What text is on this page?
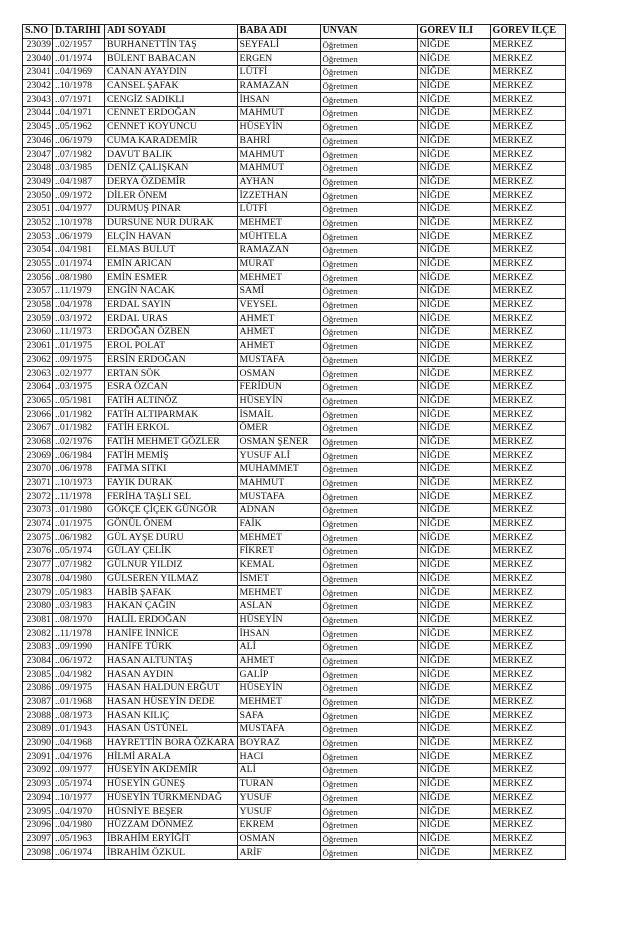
S.NO	D.TARİHİ	ADI SOYADI	BABA ADI	UNVAN	GÖREV İLİ	GÖREV İLÇE
23039	..02/1957	BURHANETTİN TAŞ	SEYFALİ	Öğretmen	NİĞDE	MERKEZ
23040	..01/1974	BÜLENT BABACAN	ERGEN	Öğretmen	NİĞDE	MERKEZ
23041	..04/1969	CANAN AYAYDIN	LÜTFİ	Öğretmen	NİĞDE	MERKEZ
23042	..10/1978	CANSEL ŞAFAK	RAMAZAN	Öğretmen	NİĞDE	MERKEZ
23043	..07/1971	CENGİZ SADIKLI	İHSAN	Öğretmen	NİĞDE	MERKEZ
23044	..04/1971	CENNET ERDOĞAN	MAHMUT	Öğretmen	NİĞDE	MERKEZ
23045	..05/1962	CENNET KOYUNCU	HÜSEYİN	Öğretmen	NİĞDE	MERKEZ
23046	..06/1979	CUMA KARADEMİR	BAHRİ	Öğretmen	NİĞDE	MERKEZ
23047	..07/1982	DAVUT BALIK	MAHMUT	Öğretmen	NİĞDE	MERKEZ
23048	..03/1985	DENİZ ÇALIŞKAN	MAHMUT	Öğretmen	NİĞDE	MERKEZ
23049	..04/1987	DERYA ÖZDEMİR	AYHAN	Öğretmen	NİĞDE	MERKEZ
23050	..09/1972	DİLER ÖNEM	İZZETHAN	Öğretmen	NİĞDE	MERKEZ
23051	..04/1977	DURMUŞ PINAR	LÜTFİ	Öğretmen	NİĞDE	MERKEZ
23052	..10/1978	DURSUNE NUR DURAK	MEHMET	Öğretmen	NİĞDE	MERKEZ
23053	..06/1979	ELÇİN HAVAN	MÜHTELA	Öğretmen	NİĞDE	MERKEZ
23054	..04/1981	ELMAS BULUT	RAMAZAN	Öğretmen	NİĞDE	MERKEZ
23055	..01/1974	EMİN ARICAN	MURAT	Öğretmen	NİĞDE	MERKEZ
23056	..08/1980	EMİN ESMER	MEHMET	Öğretmen	NİĞDE	MERKEZ
23057	..11/1979	ENGİN NACAK	SAMİ	Öğretmen	NİĞDE	MERKEZ
23058	..04/1978	ERDAL SAYIN	VEYSEL	Öğretmen	NİĞDE	MERKEZ
23059	..03/1972	ERDAL URAS	AHMET	Öğretmen	NİĞDE	MERKEZ
23060	..11/1973	ERDOĞAN ÖZBEN	AHMET	Öğretmen	NİĞDE	MERKEZ
23061	..01/1975	EROL POLAT	AHMET	Öğretmen	NİĞDE	MERKEZ
23062	..09/1975	ERSİN ERDOĞAN	MUSTAFA	Öğretmen	NİĞDE	MERKEZ
23063	..02/1977	ERTAN SÖK	OSMAN	Öğretmen	NİĞDE	MERKEZ
23064	..03/1975	ESRA ÖZCAN	FERİDUN	Öğretmen	NİĞDE	MERKEZ
23065	..05/1981	FATİH ALTINÖZ	HÜSEYİN	Öğretmen	NİĞDE	MERKEZ
23066	..01/1982	FATİH ALTIPARMAK	İSMAİL	Öğretmen	NİĞDE	MERKEZ
23067	..01/1982	FATİH ERKOL	ÖMER	Öğretmen	NİĞDE	MERKEZ
23068	..02/1976	FATİH MEHMET GÖZLER	OSMAN ŞENER	Öğretmen	NİĞDE	MERKEZ
23069	..06/1984	FATİH MEMİŞ	YUSUF ALİ	Öğretmen	NİĞDE	MERKEZ
23070	..06/1978	FATMA SITKI	MUHAMMET	Öğretmen	NİĞDE	MERKEZ
23071	..10/1973	FAYIK DURAK	MAHMUT	Öğretmen	NİĞDE	MERKEZ
23072	..11/1978	FERİHA TAŞLI SEL	MUSTAFA	Öğretmen	NİĞDE	MERKEZ
23073	..01/1980	GÖKÇE ÇİÇEK GÜNGÖR	ADNAN	Öğretmen	NİĞDE	MERKEZ
23074	..01/1975	GÖNÜL ÖNEM	FAİK	Öğretmen	NİĞDE	MERKEZ
23075	..06/1982	GÜL AYŞE DURU	MEHMET	Öğretmen	NİĞDE	MERKEZ
23076	..05/1974	GÜLAY ÇELİK	FİKRET	Öğretmen	NİĞDE	MERKEZ
23077	..07/1982	GÜLNUR YILDIZ	KEMAL	Öğretmen	NİĞDE	MERKEZ
23078	..04/1980	GÜLSEREN YILMAZ	İSMET	Öğretmen	NİĞDE	MERKEZ
23079	..05/1983	HABİB ŞAFAK	MEHMET	Öğretmen	NİĞDE	MERKEZ
23080	..03/1983	HAKAN ÇAĞIN	ASLAN	Öğretmen	NİĞDE	MERKEZ
23081	..08/1970	HALİL ERDOĞAN	HÜSEYİN	Öğretmen	NİĞDE	MERKEZ
23082	..11/1978	HANİFE İNNİCE	İHSAN	Öğretmen	NİĞDE	MERKEZ
23083	..09/1990	HANİFE TÜRK	ALİ	Öğretmen	NİĞDE	MERKEZ
23084	..06/1972	HASAN ALTUNTAŞ	AHMET	Öğretmen	NİĞDE	MERKEZ
23085	..04/1982	HASAN AYDIN	GALİP	Öğretmen	NİĞDE	MERKEZ
23086	..09/1975	HASAN HALDUN ERĞUT	HÜSEYİN	Öğretmen	NİĞDE	MERKEZ
23087	..01/1968	HASAN HÜSEYİN DEDE	MEHMET	Öğretmen	NİĞDE	MERKEZ
23088	..08/1973	HASAN KILIÇ	SAFA	Öğretmen	NİĞDE	MERKEZ
23089	..01/1943	HASAN ÜSTÜNEL	MUSTAFA	Öğretmen	NİĞDE	MERKEZ
23090	..04/1968	HAYRETTİN BORA ÖZKARA	BOYRAZ	Öğretmen	NİĞDE	MERKEZ
23091	..04/1976	HİLMİ ARALA	HACI	Öğretmen	NİĞDE	MERKEZ
23092	..09/1977	HÜSEYİN AKDEMİR	ALİ	Öğretmen	NİĞDE	MERKEZ
23093	..05/1974	HÜSEYİN GÜNEŞ	TURAN	Öğretmen	NİĞDE	MERKEZ
23094	..10/1977	HÜSEYİN TÜRKMENDAĞ	YUSUF	Öğretmen	NİĞDE	MERKEZ
23095	..04/1970	HÜSNİYE BEŞER	YUSUF	Öğretmen	NİĞDE	MERKEZ
23096	..04/1980	HÜZZAM DÖNMEZ	EKREM	Öğretmen	NİĞDE	MERKEZ
23097	..05/1963	İBRAHİM ERYİĞİT	OSMAN	Öğretmen	NİĞDE	MERKEZ
23098	..06/1974	İBRAHİM ÖZKUL	ARİF	Öğretmen	NİĞDE	MERKEZ
